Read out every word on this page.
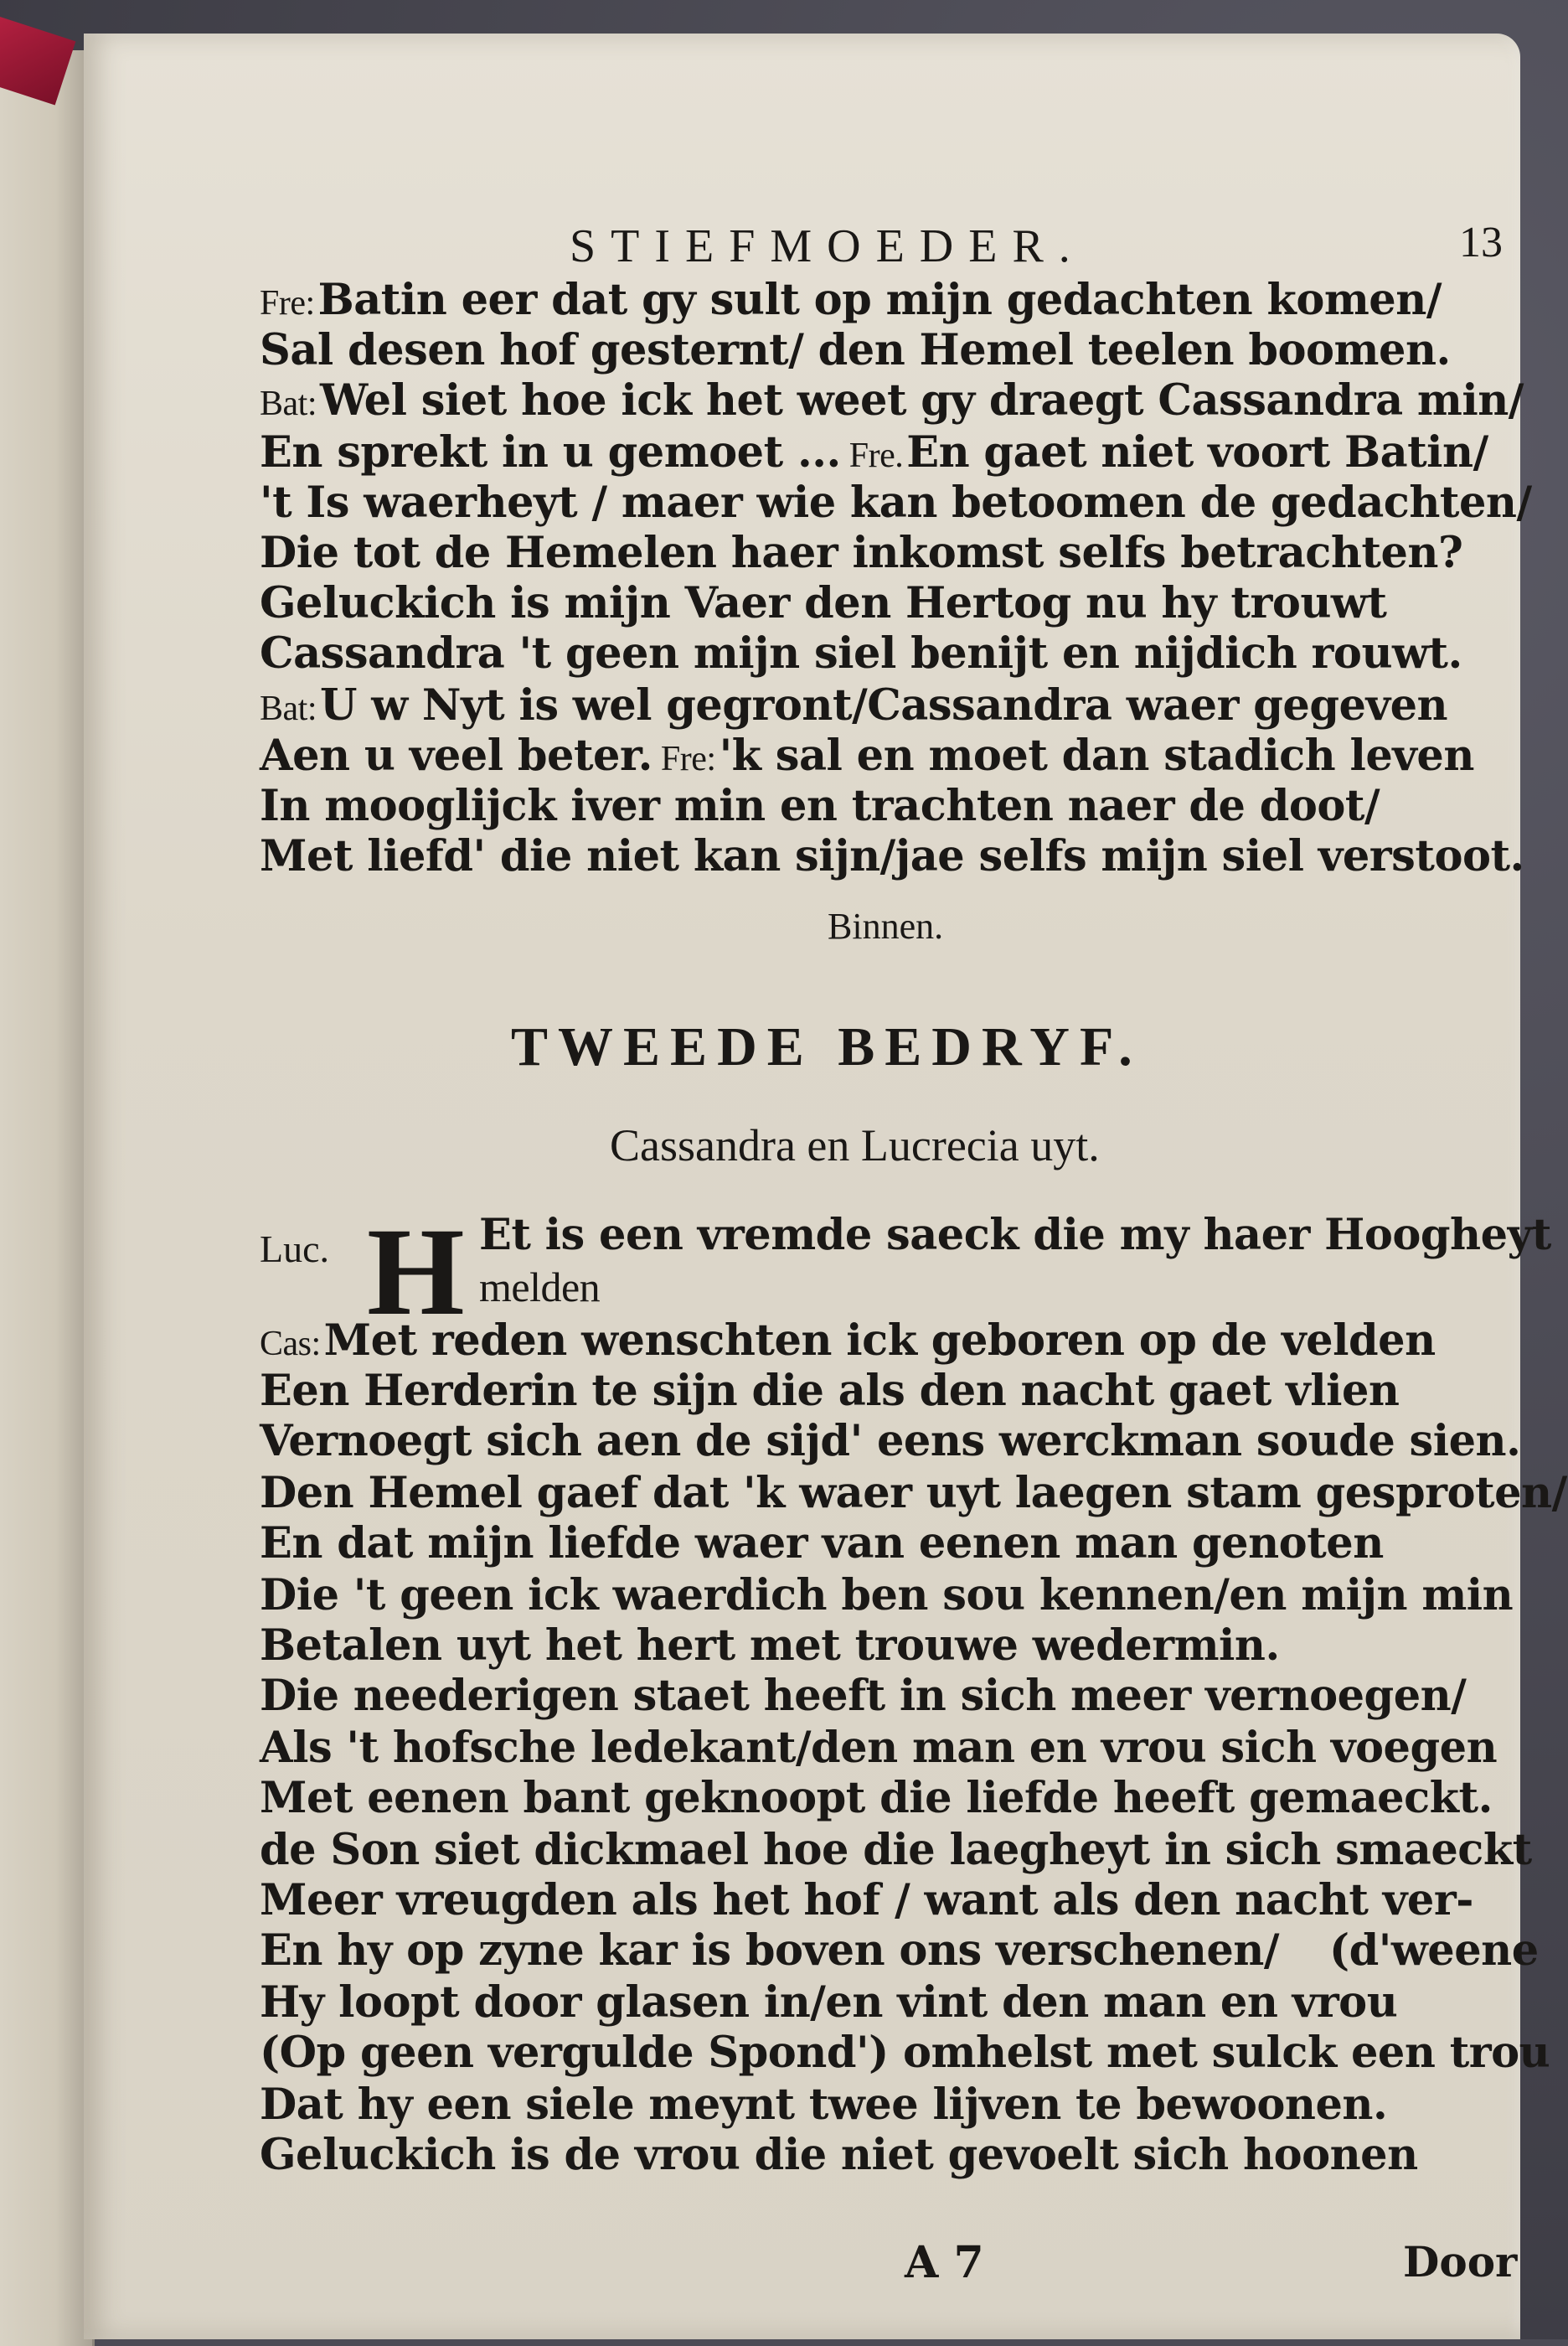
STIEFMOEDER.	13
Fre:Batin eer dat gy sult op mijn gedachten komen/
Sal desen hof gesternt/ den Hemel teelen boomen.
Bat:Wel siet hoe ick het weet gy draegt Cassandra min/
En sprekt in u gemoet ... Fre.En gaet niet voort Batin/
't Is waerheyt / maer wie kan betoomen de gedachten/
Die tot de Hemelen haer inkomst selfs betrachten?
Geluckich is mijn Vaer den Hertog nu hy trouwt
Cassandra 't geen mijn siel benijt en nijdich rouwt.
Bat:U w Nyt is wel gegront/Cassandra waer gegeven
Aen u veel beter. Fre:'k sal en moet dan stadich leven
In mooglijck iver min en trachten naer de doot/
Met liefd' die niet kan sijn/jae selfs mijn siel verstoot.
Binnen.
TWEEDE BEDRYF.
Cassandra en Lucrecia uyt.
Luc. H Et is een vremde saeck die my haer Hoogheyt
melden
Cas:Met reden wenschten ick geboren op de velden
Een Herderin te sijn die als den nacht gaet vlien
Vernoegt sich aen de sijd' eens werckman soude sien.
Den Hemel gaef dat 'k waer uyt laegen stam gesproten/
En dat mijn liefde waer van eenen man genoten
Die 't geen ick waerdich ben sou kennen/en mijn min
Betalen uyt het hert met trouwe wedermin.
Die neederigen staet heeft in sich meer vernoegen/
Als 't hofsche ledekant/den man en vrou sich voegen
Met eenen bant geknoopt die liefde heeft gemaeckt.
de Son siet dickmael hoe die laegheyt in sich smaeckt
Meer vreugden als het hof / want als den nacht ver-
En hy op zyne kar is boven ons verschenen/ (d'weene
Hy loopt door glasen in/en vint den man en vrou
(Op geen vergulde Spond') omhelst met sulck een trou
Dat hy een siele meynt twee lijven te bewoonen.
Geluckich is de vrou die niet gevoelt sich hoonen
A 7	Door
